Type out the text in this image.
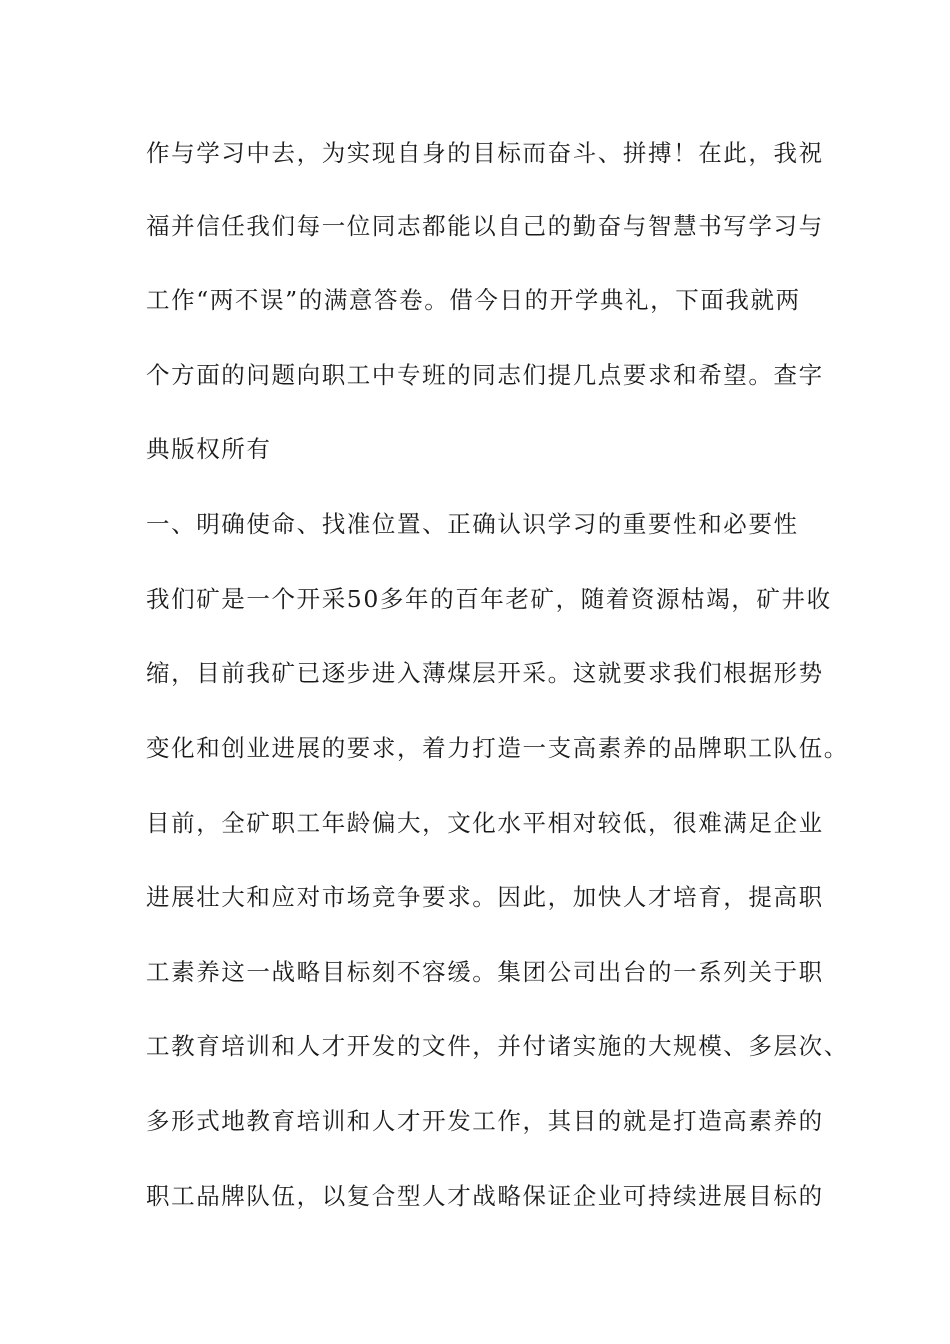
作与学习中去，为实现自身的目标而奋斗、拼搏！在此，我祝
福并信任我们每一位同志都能以自己的勤奋与智慧书写学习与
工作“两不误”的满意答卷。借今日的开学典礼，下面我就两
个方面的问题向职工中专班的同志们提几点要求和希望。查字
典版权所有
一、明确使命、找准位置、正确认识学习的重要性和必要性
我们矿是一个开采50多年的百年老矿，随着资源枯竭，矿井收
缩，目前我矿已逐步进入薄煤层开采。这就要求我们根据形势
变化和创业进展的要求，着力打造一支高素养的品牌职工队伍。
目前，全矿职工年龄偏大，文化水平相对较低，很难满足企业
进展壮大和应对市场竞争要求。因此，加快人才培育，提高职
工素养这一战略目标刻不容缓。集团公司出台的一系列关于职
工教育培训和人才开发的文件，并付诸实施的大规模、多层次、
多形式地教育培训和人才开发工作，其目的就是打造高素养的
职工品牌队伍，以复合型人才战略保证企业可持续进展目标的
